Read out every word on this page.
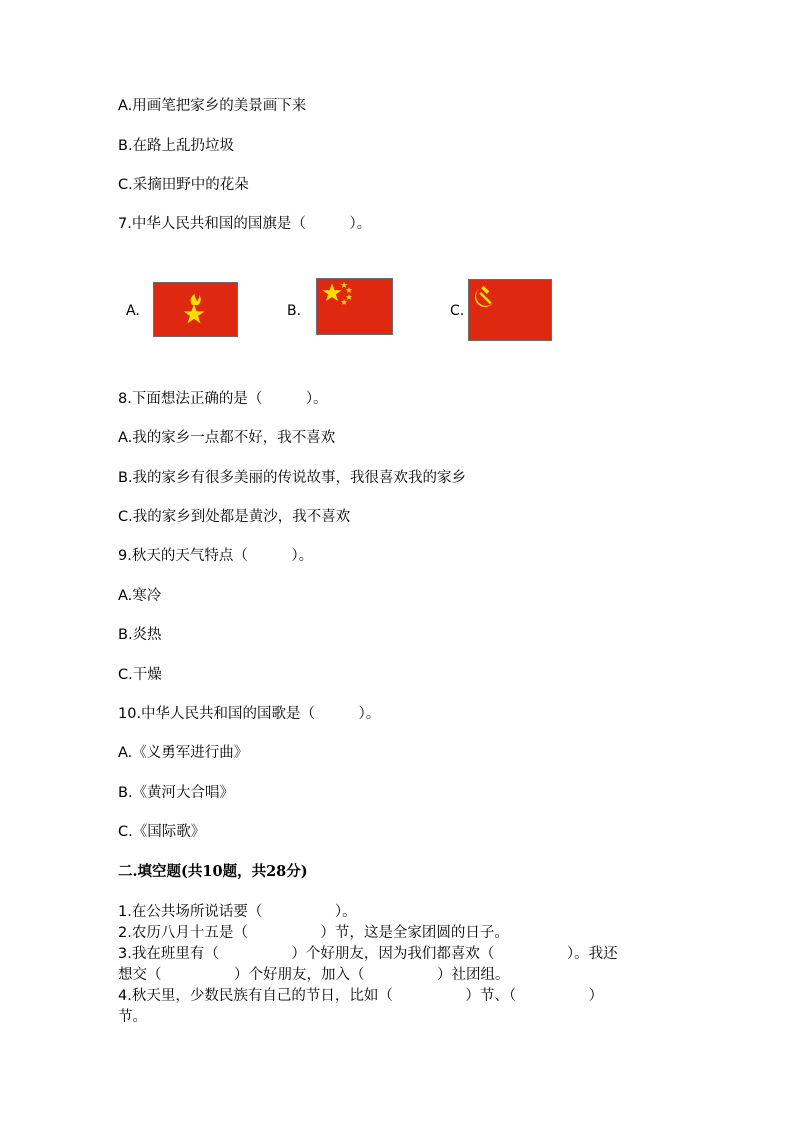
A.用画笔把家乡的美景画下来
B.在路上乱扔垃圾
C.采摘田野中的花朵
7.中华人民共和国的国旗是（　　　）。
A.	B.	C.
8.下面想法正确的是（　　　）。
A.我的家乡一点都不好，我不喜欢
B.我的家乡有很多美丽的传说故事，我很喜欢我的家乡
C.我的家乡到处都是黄沙，我不喜欢
9.秋天的天气特点（　　　）。
A.寒冷
B.炎热
C.干燥
10.中华人民共和国的国歌是（　　　）。
A.《义勇军进行曲》
B.《黄河大合唱》
C.《国际歌》
二.填空题(共10题，共28分)
1.在公共场所说话要（　　　　　）。
2.农历八月十五是（　　　　　）节，这是全家团圆的日子。
3.我在班里有（　　　　　）个好朋友，因为我们都喜欢（　　　　　）。我还
想交（　　　　　）个好朋友，加入（　　　　　）社团组。
4.秋天里，少数民族有自己的节日，比如（　　　　　）节、（　　　　　）
节。
